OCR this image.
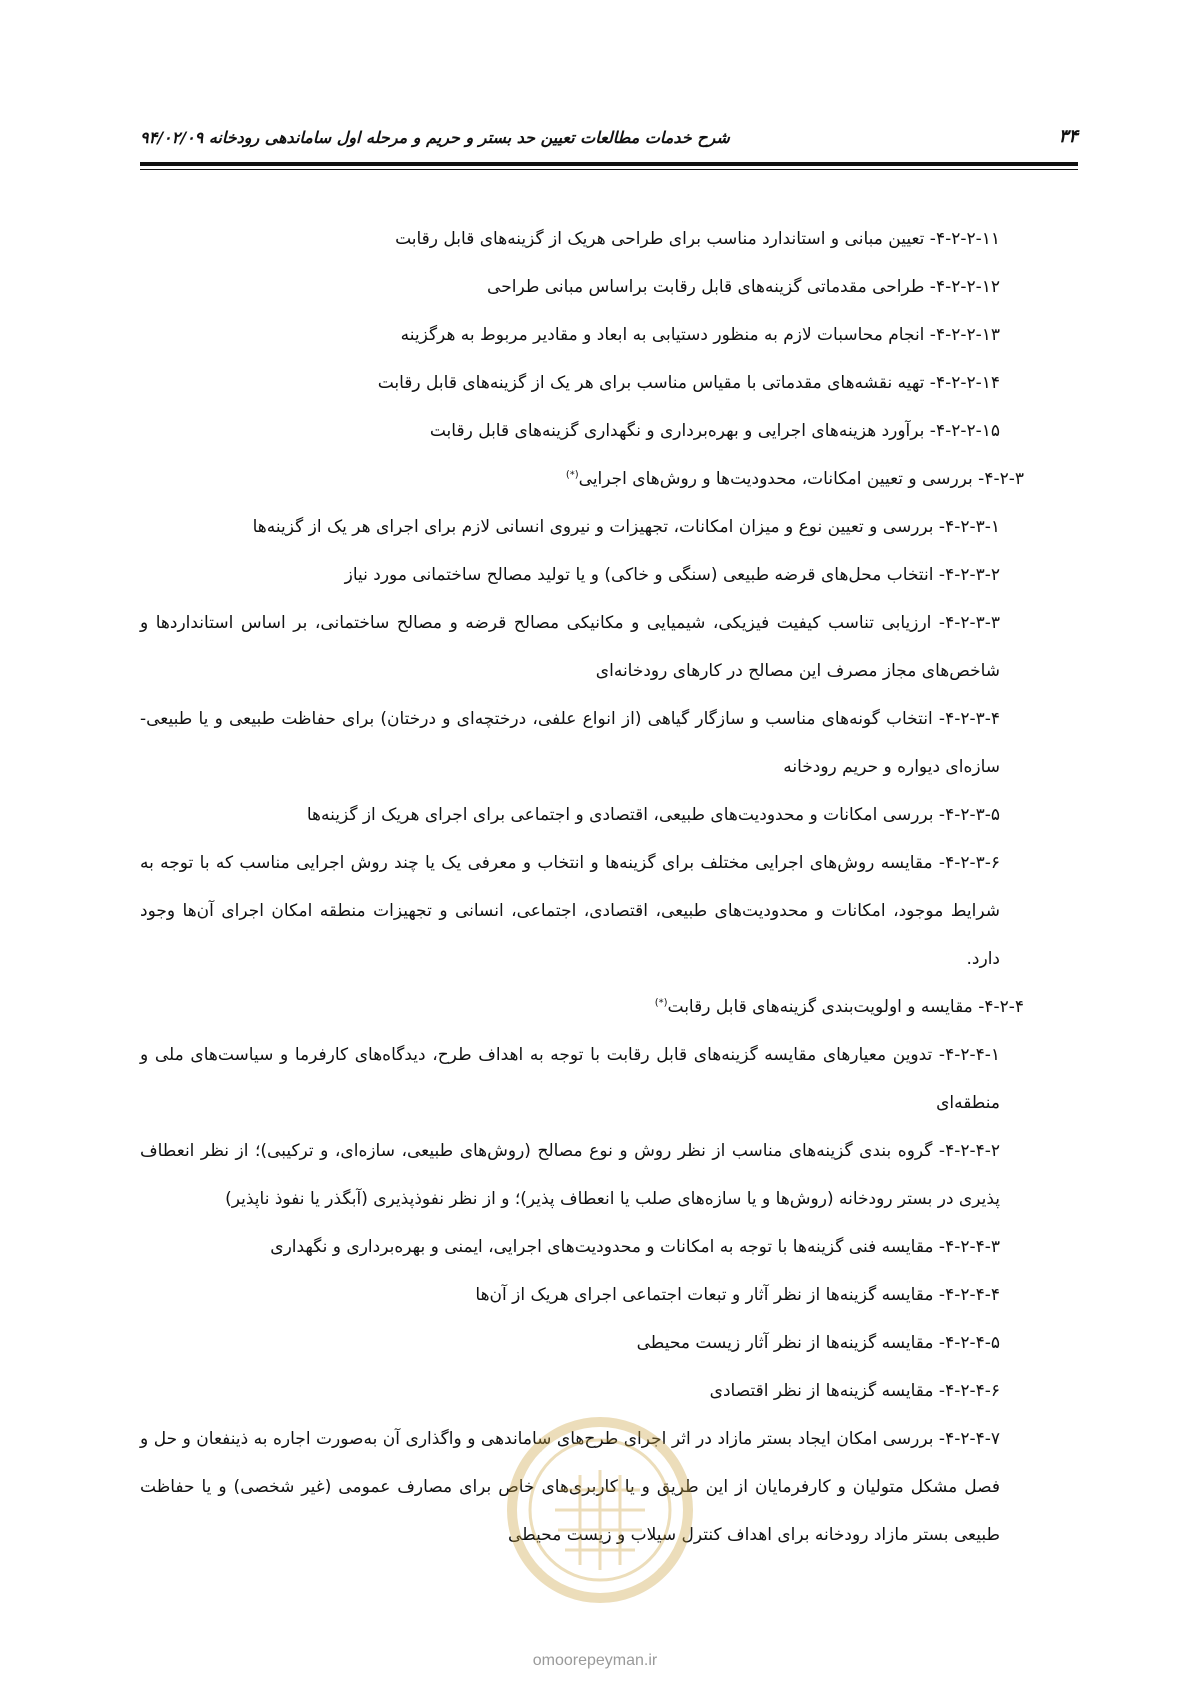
۳۴
شرح خدمات مطالعات تعیین حد بستر و حریم و مرحله اول ساماندهی رودخانه ۹۴/۰۲/۰۹

۴-۲-۲-۱۱- تعیین مبانی و استاندارد مناسب برای طراحی هریک از گزینه‌های قابل رقابت

۴-۲-۲-۱۲- طراحی مقدماتی گزینه‌های قابل رقابت براساس مبانی طراحی

۴-۲-۲-۱۳- انجام محاسبات لازم به منظور دستیابی به ابعاد و مقادیر مربوط به هرگزینه

۴-۲-۲-۱۴- تهیه نقشه‌های مقدماتی با مقیاس مناسب برای هر یک از گزینه‌های قابل رقابت

۴-۲-۲-۱۵- برآورد هزینه‌های اجرایی و بهره‌برداری و نگهداری گزینه‌های قابل رقابت

۴-۲-۳- بررسی و تعیین امکانات، محدودیت‌ها و روش‌های اجرایی(*)

۴-۲-۳-۱- بررسی و تعیین نوع و میزان امکانات، تجهیزات و نیروی انسانی لازم برای اجرای هر یک از گزینه‌ها

۴-۲-۳-۲- انتخاب محل‌های قرضه طبیعی (سنگی و خاکی) و یا تولید مصالح ساختمانی مورد نیاز

۴-۲-۳-۳- ارزیابی تناسب کیفیت فیزیکی، شیمیایی و مکانیکی مصالح قرضه و مصالح ساختمانی، بر اساس استانداردها و شاخص‌های مجاز مصرف این مصالح در کارهای رودخانه‌ای

۴-۲-۳-۴- انتخاب گونه‌های مناسب و سازگار گیاهی (از انواع علفی، درختچه‌ای و درختان) برای حفاظت طبیعی و یا طبیعی- سازه‌ای دیواره و حریم رودخانه

۴-۲-۳-۵- بررسی امکانات و محدودیت‌های طبیعی، اقتصادی و اجتماعی برای اجرای هریک از گزینه‌ها

۴-۲-۳-۶- مقایسه روش‌های اجرایی مختلف برای گزینه‌ها و انتخاب و معرفی یک یا چند روش اجرایی مناسب که با توجه به شرایط موجود، امکانات و محدودیت‌های طبیعی، اقتصادی، اجتماعی، انسانی و تجهیزات منطقه امکان اجرای آن‌ها وجود دارد.

۴-۲-۴- مقایسه و اولویت‌بندی گزینه‌های قابل رقابت(*)

۴-۲-۴-۱- تدوین معیارهای مقایسه گزینه‌های قابل رقابت با توجه به اهداف طرح، دیدگاه‌های کارفرما و سیاست‌های ملی و منطقه‌ای

۴-۲-۴-۲- گروه بندی گزینه‌های مناسب از نظر روش و نوع مصالح (روش‌های طبیعی، سازه‌ای، و ترکیبی)؛ از نظر انعطاف پذیری در بستر رودخانه (روش‌ها و یا سازه‌های صلب یا انعطاف پذیر)؛ و از نظر نفوذپذیری (آبگذر یا نفوذ ناپذیر)

۴-۲-۴-۳- مقایسه فنی گزینه‌ها با توجه به امکانات و محدودیت‌های اجرایی، ایمنی و بهره‌برداری و نگهداری

۴-۲-۴-۴- مقایسه گزینه‌ها از نظر آثار و تبعات اجتماعی اجرای هریک از آن‌ها

۴-۲-۴-۵- مقایسه گزینه‌ها از نظر آثار زیست محیطی

۴-۲-۴-۶- مقایسه گزینه‌ها از نظر اقتصادی

۴-۲-۴-۷- بررسی امکان ایجاد بستر مازاد در اثر اجرای طرح‌های ساماندهی و واگذاری آن به‌صورت اجاره به ذینفعان و حل و فصل مشکل متولیان و کارفرمایان از این طریق و یا کاربری‌های خاص برای مصارف عمومی (غیر شخصی) و یا حفاظت طبیعی بستر مازاد رودخانه برای اهداف کنترل سیلاب و زیست محیطی

omoorepeyman.ir
